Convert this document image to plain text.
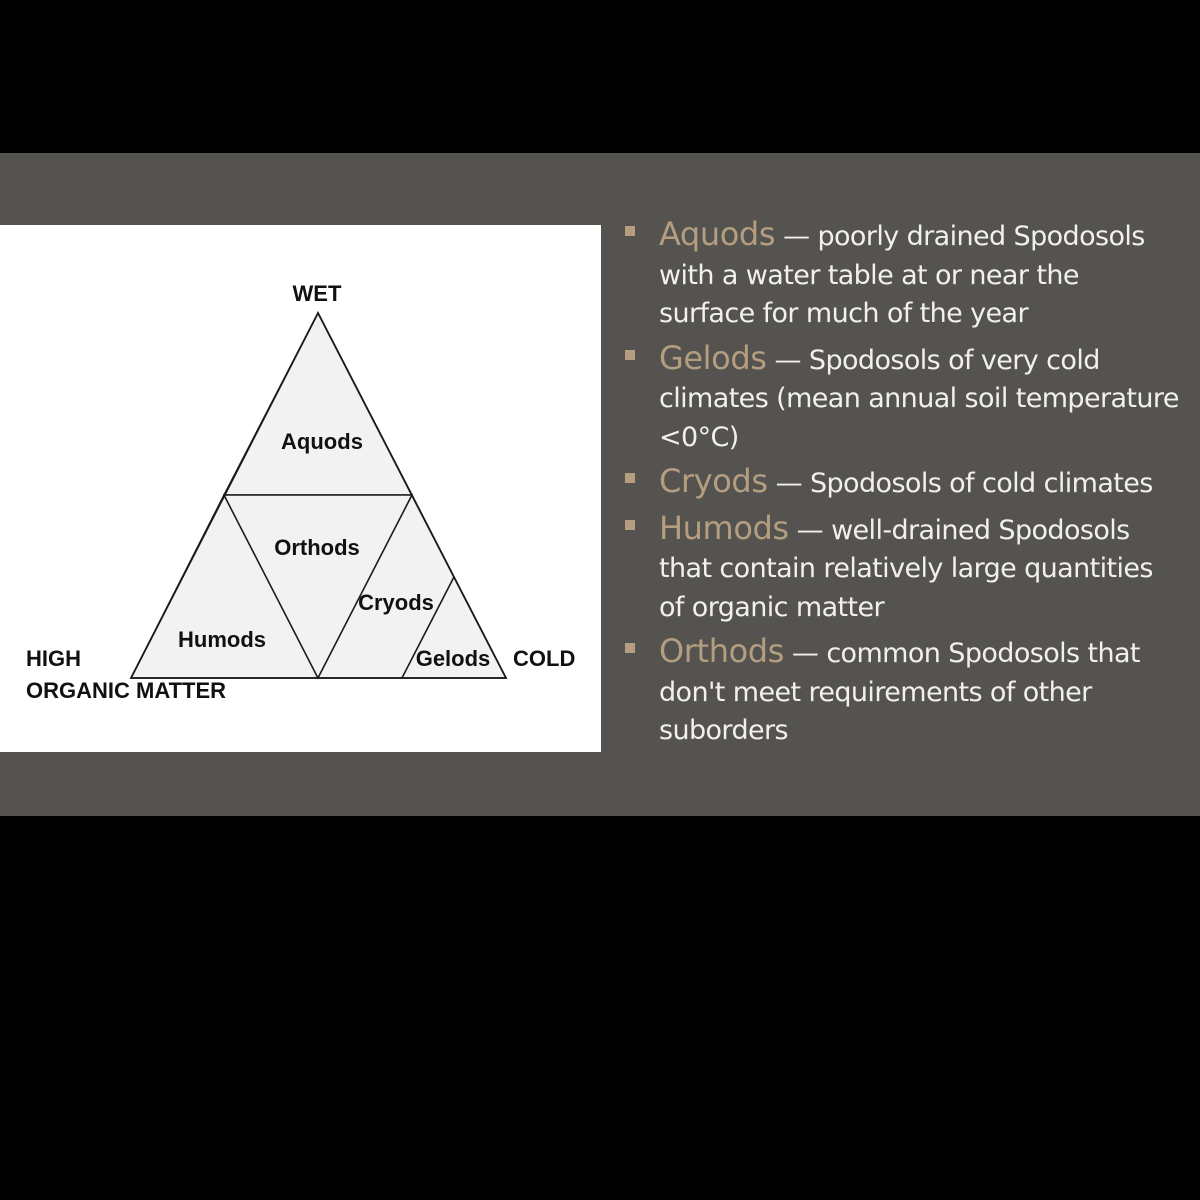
WET
HIGH
ORGANIC MATTER
COLD
Aquods
Orthods
Cryods
Humods
Gelods
Aquods — poorly drained Spodosols with a water table at or near the surface for much of the year
Gelods — Spodosols of very cold climates (mean annual soil temperature <0°C)
Cryods — Spodosols of cold climates
Humods — well-drained Spodosols that contain relatively large quantities of organic matter
Orthods — common Spodosols that don't meet requirements of other suborders
